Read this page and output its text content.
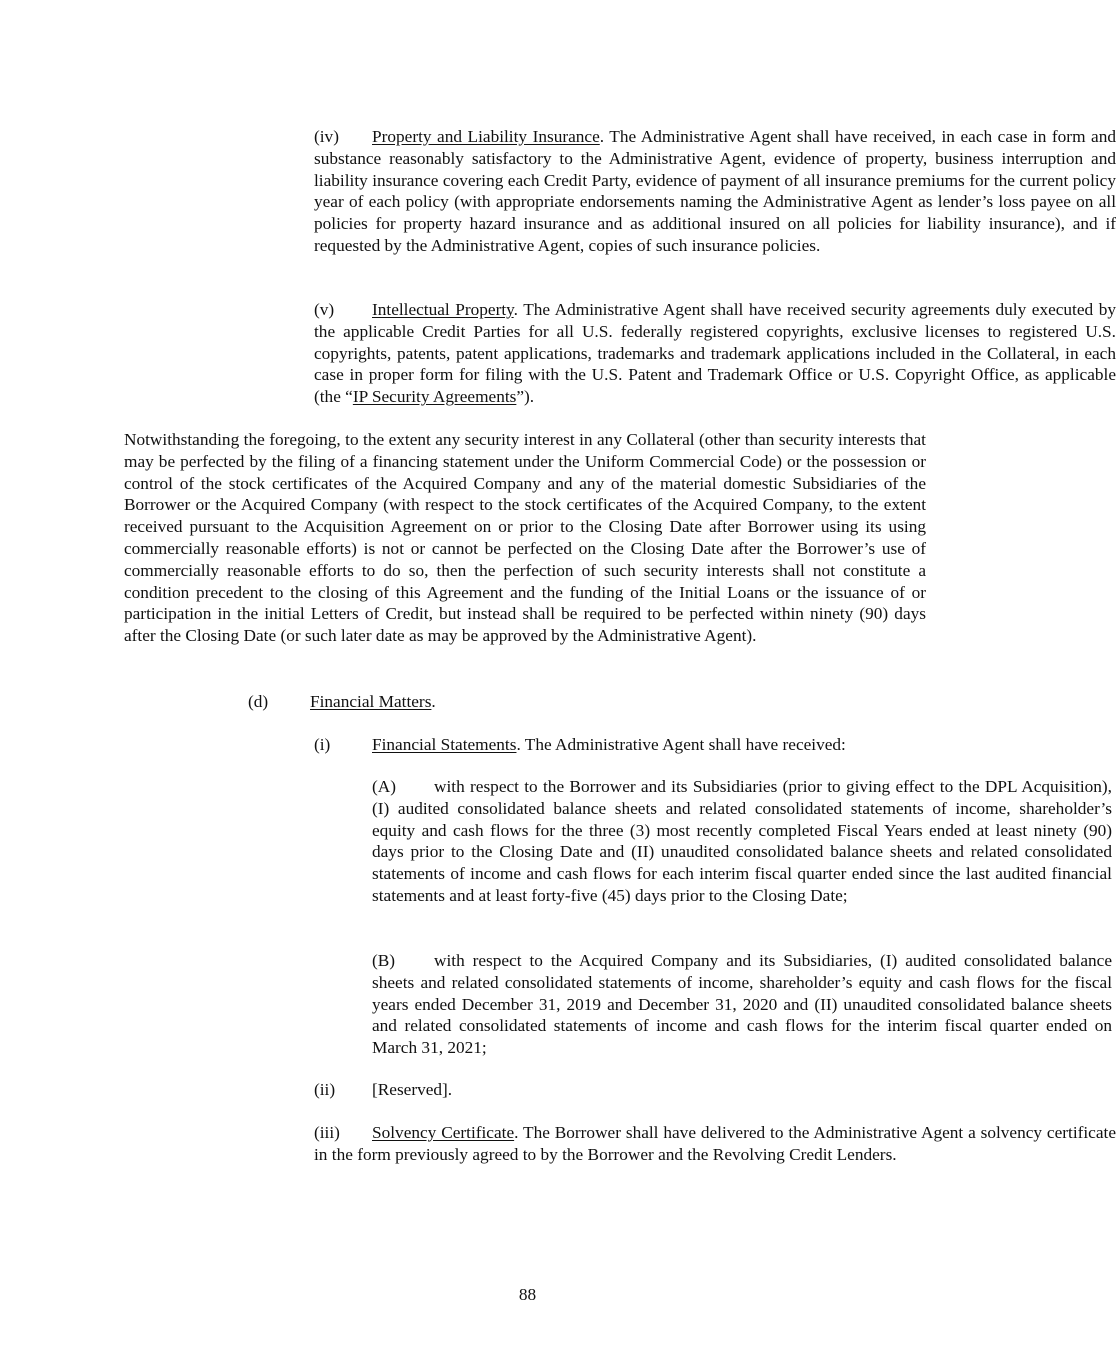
(iv) Property and Liability Insurance. The Administrative Agent shall have received, in each case in form and substance reasonably satisfactory to the Administrative Agent, evidence of property, business interruption and liability insurance covering each Credit Party, evidence of payment of all insurance premiums for the current policy year of each policy (with appropriate endorsements naming the Administrative Agent as lender’s loss payee on all policies for property hazard insurance and as additional insured on all policies for liability insurance), and if requested by the Administrative Agent, copies of such insurance policies.

(v) Intellectual Property. The Administrative Agent shall have received security agreements duly executed by the applicable Credit Parties for all U.S. federally registered copyrights, exclusive licenses to registered U.S. copyrights, patents, patent applications, trademarks and trademark applications included in the Collateral, in each case in proper form for filing with the U.S. Patent and Trademark Office or U.S. Copyright Office, as applicable (the “IP Security Agreements”).

Notwithstanding the foregoing, to the extent any security interest in any Collateral (other than security interests that may be perfected by the filing of a financing statement under the Uniform Commercial Code) or the possession or control of the stock certificates of the Acquired Company and any of the material domestic Subsidiaries of the Borrower or the Acquired Company (with respect to the stock certificates of the Acquired Company, to the extent received pursuant to the Acquisition Agreement on or prior to the Closing Date after Borrower using its using commercially reasonable efforts) is not or cannot be perfected on the Closing Date after the Borrower’s use of commercially reasonable efforts to do so, then the perfection of such security interests shall not constitute a condition precedent to the closing of this Agreement and the funding of the Initial Loans or the issuance of or participation in the initial Letters of Credit, but instead shall be required to be perfected within ninety (90) days after the Closing Date (or such later date as may be approved by the Administrative Agent).

(d) Financial Matters.

(i) Financial Statements. The Administrative Agent shall have received:

(A) with respect to the Borrower and its Subsidiaries (prior to giving effect to the DPL Acquisition), (I) audited consolidated balance sheets and related consolidated statements of income, shareholder’s equity and cash flows for the three (3) most recently completed Fiscal Years ended at least ninety (90) days prior to the Closing Date and (II) unaudited consolidated balance sheets and related consolidated statements of income and cash flows for each interim fiscal quarter ended since the last audited financial statements and at least forty-five (45) days prior to the Closing Date;

(B) with respect to the Acquired Company and its Subsidiaries, (I) audited consolidated balance sheets and related consolidated statements of income, shareholder’s equity and cash flows for the fiscal years ended December 31, 2019 and December 31, 2020 and (II) unaudited consolidated balance sheets and related consolidated statements of income and cash flows for the interim fiscal quarter ended on March 31, 2021;

(ii) [Reserved].

(iii) Solvency Certificate. The Borrower shall have delivered to the Administrative Agent a solvency certificate in the form previously agreed to by the Borrower and the Revolving Credit Lenders.

88
